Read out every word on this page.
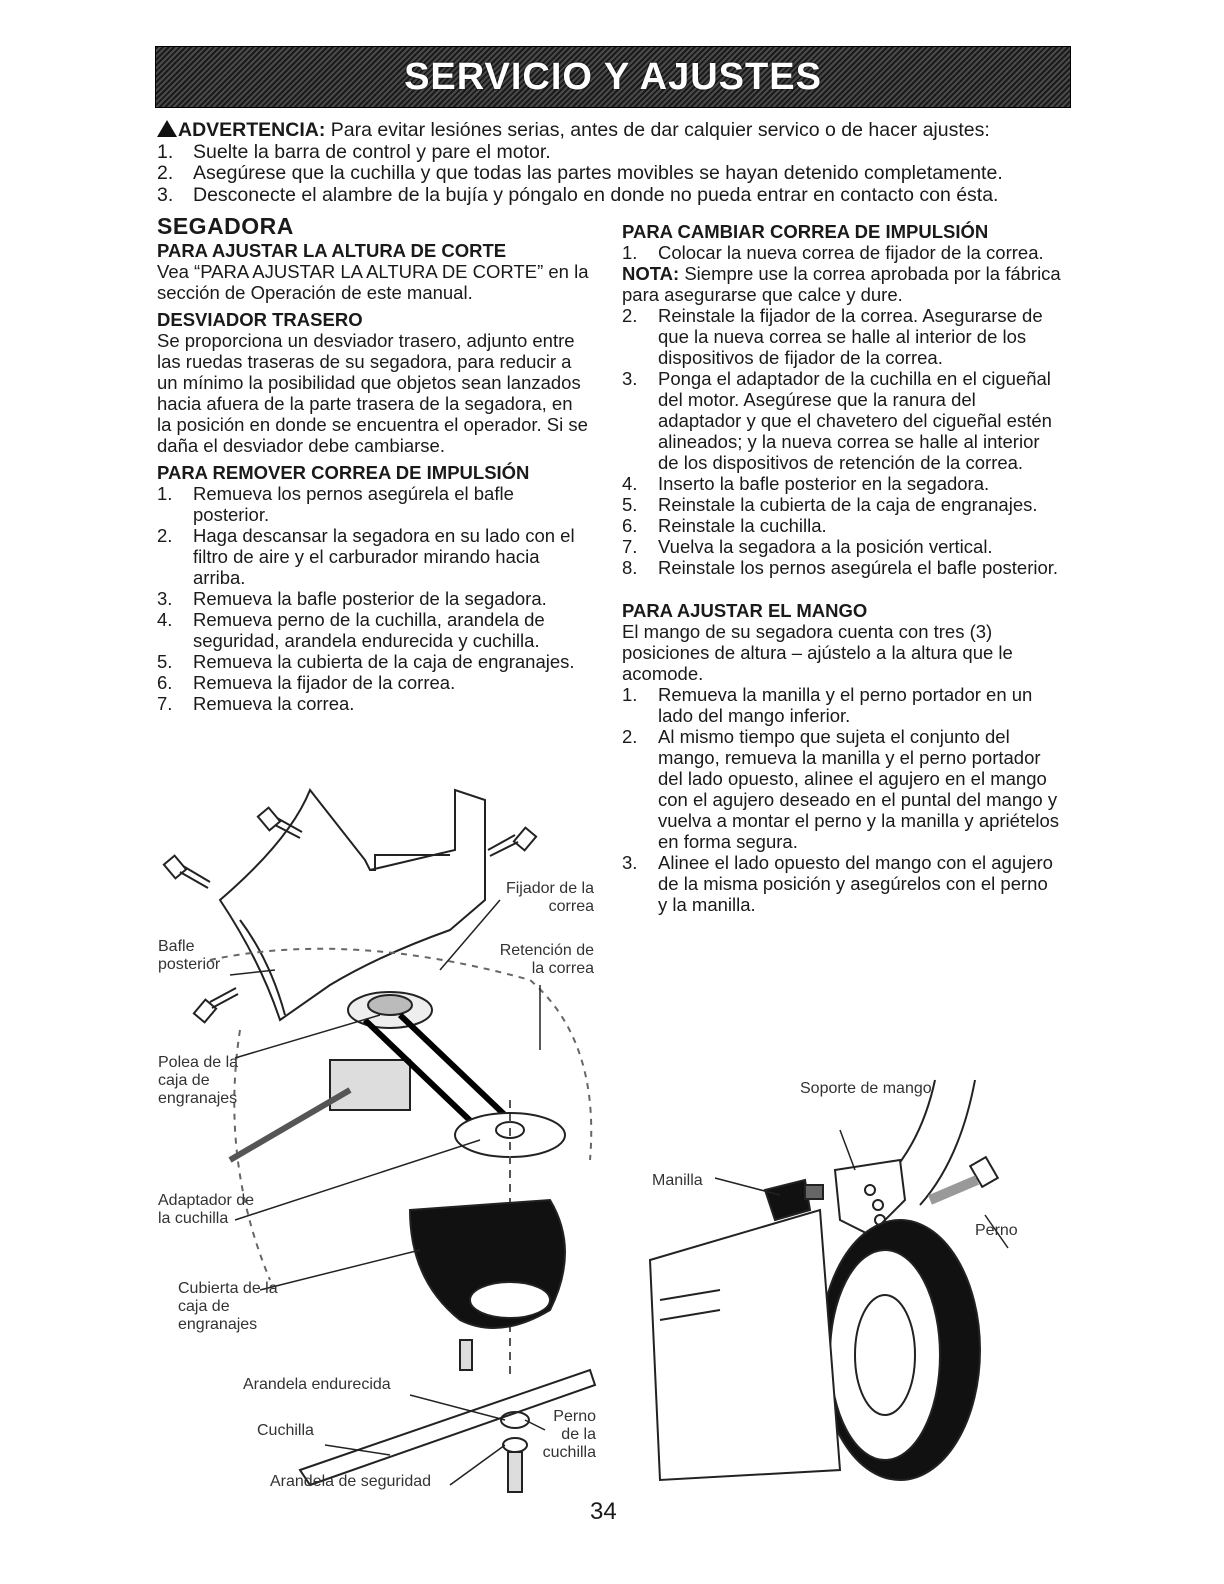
SERVICIO Y AJUSTES
ADVERTENCIA: Para evitar lesiónes serias, antes de dar calquier servico o de hacer ajustes:
1.	Suelte la barra de control y pare el motor.
2.	Asegúrese que la cuchilla y que todas las partes movibles se hayan detenido completamente.
3.	Desconecte el alambre de la bujía y póngalo en donde no pueda entrar en contacto con ésta.
SEGADORA
PARA AJUSTAR LA ALTURA DE CORTE

Vea “PARA AJUSTAR LA ALTURA DE CORTE” en la sección de Operación de este manual.

DESVIADOR TRASERO

Se proporciona un desviador trasero, adjunto entre las ruedas traseras de su segadora, para reducir a un mínimo la posibilidad que objetos sean lanzados hacia afuera de la parte trasera de la segadora, en la posición en donde se encuentra el operador. Si se daña el desviador debe cambiarse.

PARA REMOVER CORREA DE IMPULSIÓN
1.	Remueva los pernos asegúrela el bafle posterior.
2.	Haga descansar la segadora en su lado con el filtro de aire y el carburador mirando hacia arriba.
3.	Remueva la bafle posterior de la segadora.
4.	Remueva perno de la cuchilla, arandela de seguridad, arandela endurecida y cuchilla.
5.	Remueva la cubierta de la caja de engranajes.
6.	Remueva la fijador de la correa.
7.	Remueva la correa.
PARA CAMBIAR CORREA DE IMPULSIÓN
1.	Colocar la nueva correa de fijador de la correa.

NOTA: Siempre use la correa aprobada por la fábrica para asegurarse que calce y dure.

2.	Reinstale la fijador de la correa. Asegurarse de que la nueva correa se halle al interior de los dispositivos de fijador de la correa.
3.	Ponga el adaptador de la cuchilla en el cigueñal del motor. Asegúrese que la ranura del adaptador y que el chavetero del cigueñal estén alineados; y la nueva correa se halle al interior de los dispositivos de retención de la correa.
4.	Inserto la bafle posterior en la segadora.
5.	Reinstale la cubierta de la caja de engranajes.
6.	Reinstale la cuchilla.
7.	Vuelva la segadora a la posición vertical.
8.	Reinstale los pernos asegúrela el bafle posterior.
PARA AJUSTAR EL MANGO

El mango de su segadora cuenta con tres (3) posiciones de altura – ajústelo a la altura que le acomode.

1.	Remueva la manilla y el perno portador en un lado del mango inferior.
2.	Al mismo tiempo que sujeta el conjunto del mango, remueva la manilla y el perno portador del lado opuesto, alinee el agujero en el mango con el agujero deseado en el puntal del mango y vuelva a montar el perno y la manilla y apriételos en forma segura.
3.	Alinee el lado opuesto del mango con el agujero de la misma posición y asegúrelos con el perno y la manilla.
Fijador de la correa
Retención de la correa
Bafle posterior
Polea de la caja de engranajes
Adaptador de la cuchilla
Cubierta de la caja de engranajes
Arandela endurecida
Cuchilla
Arandela de seguridad
Perno de la cuchilla
Soporte de mango
Manilla
Perno
34
